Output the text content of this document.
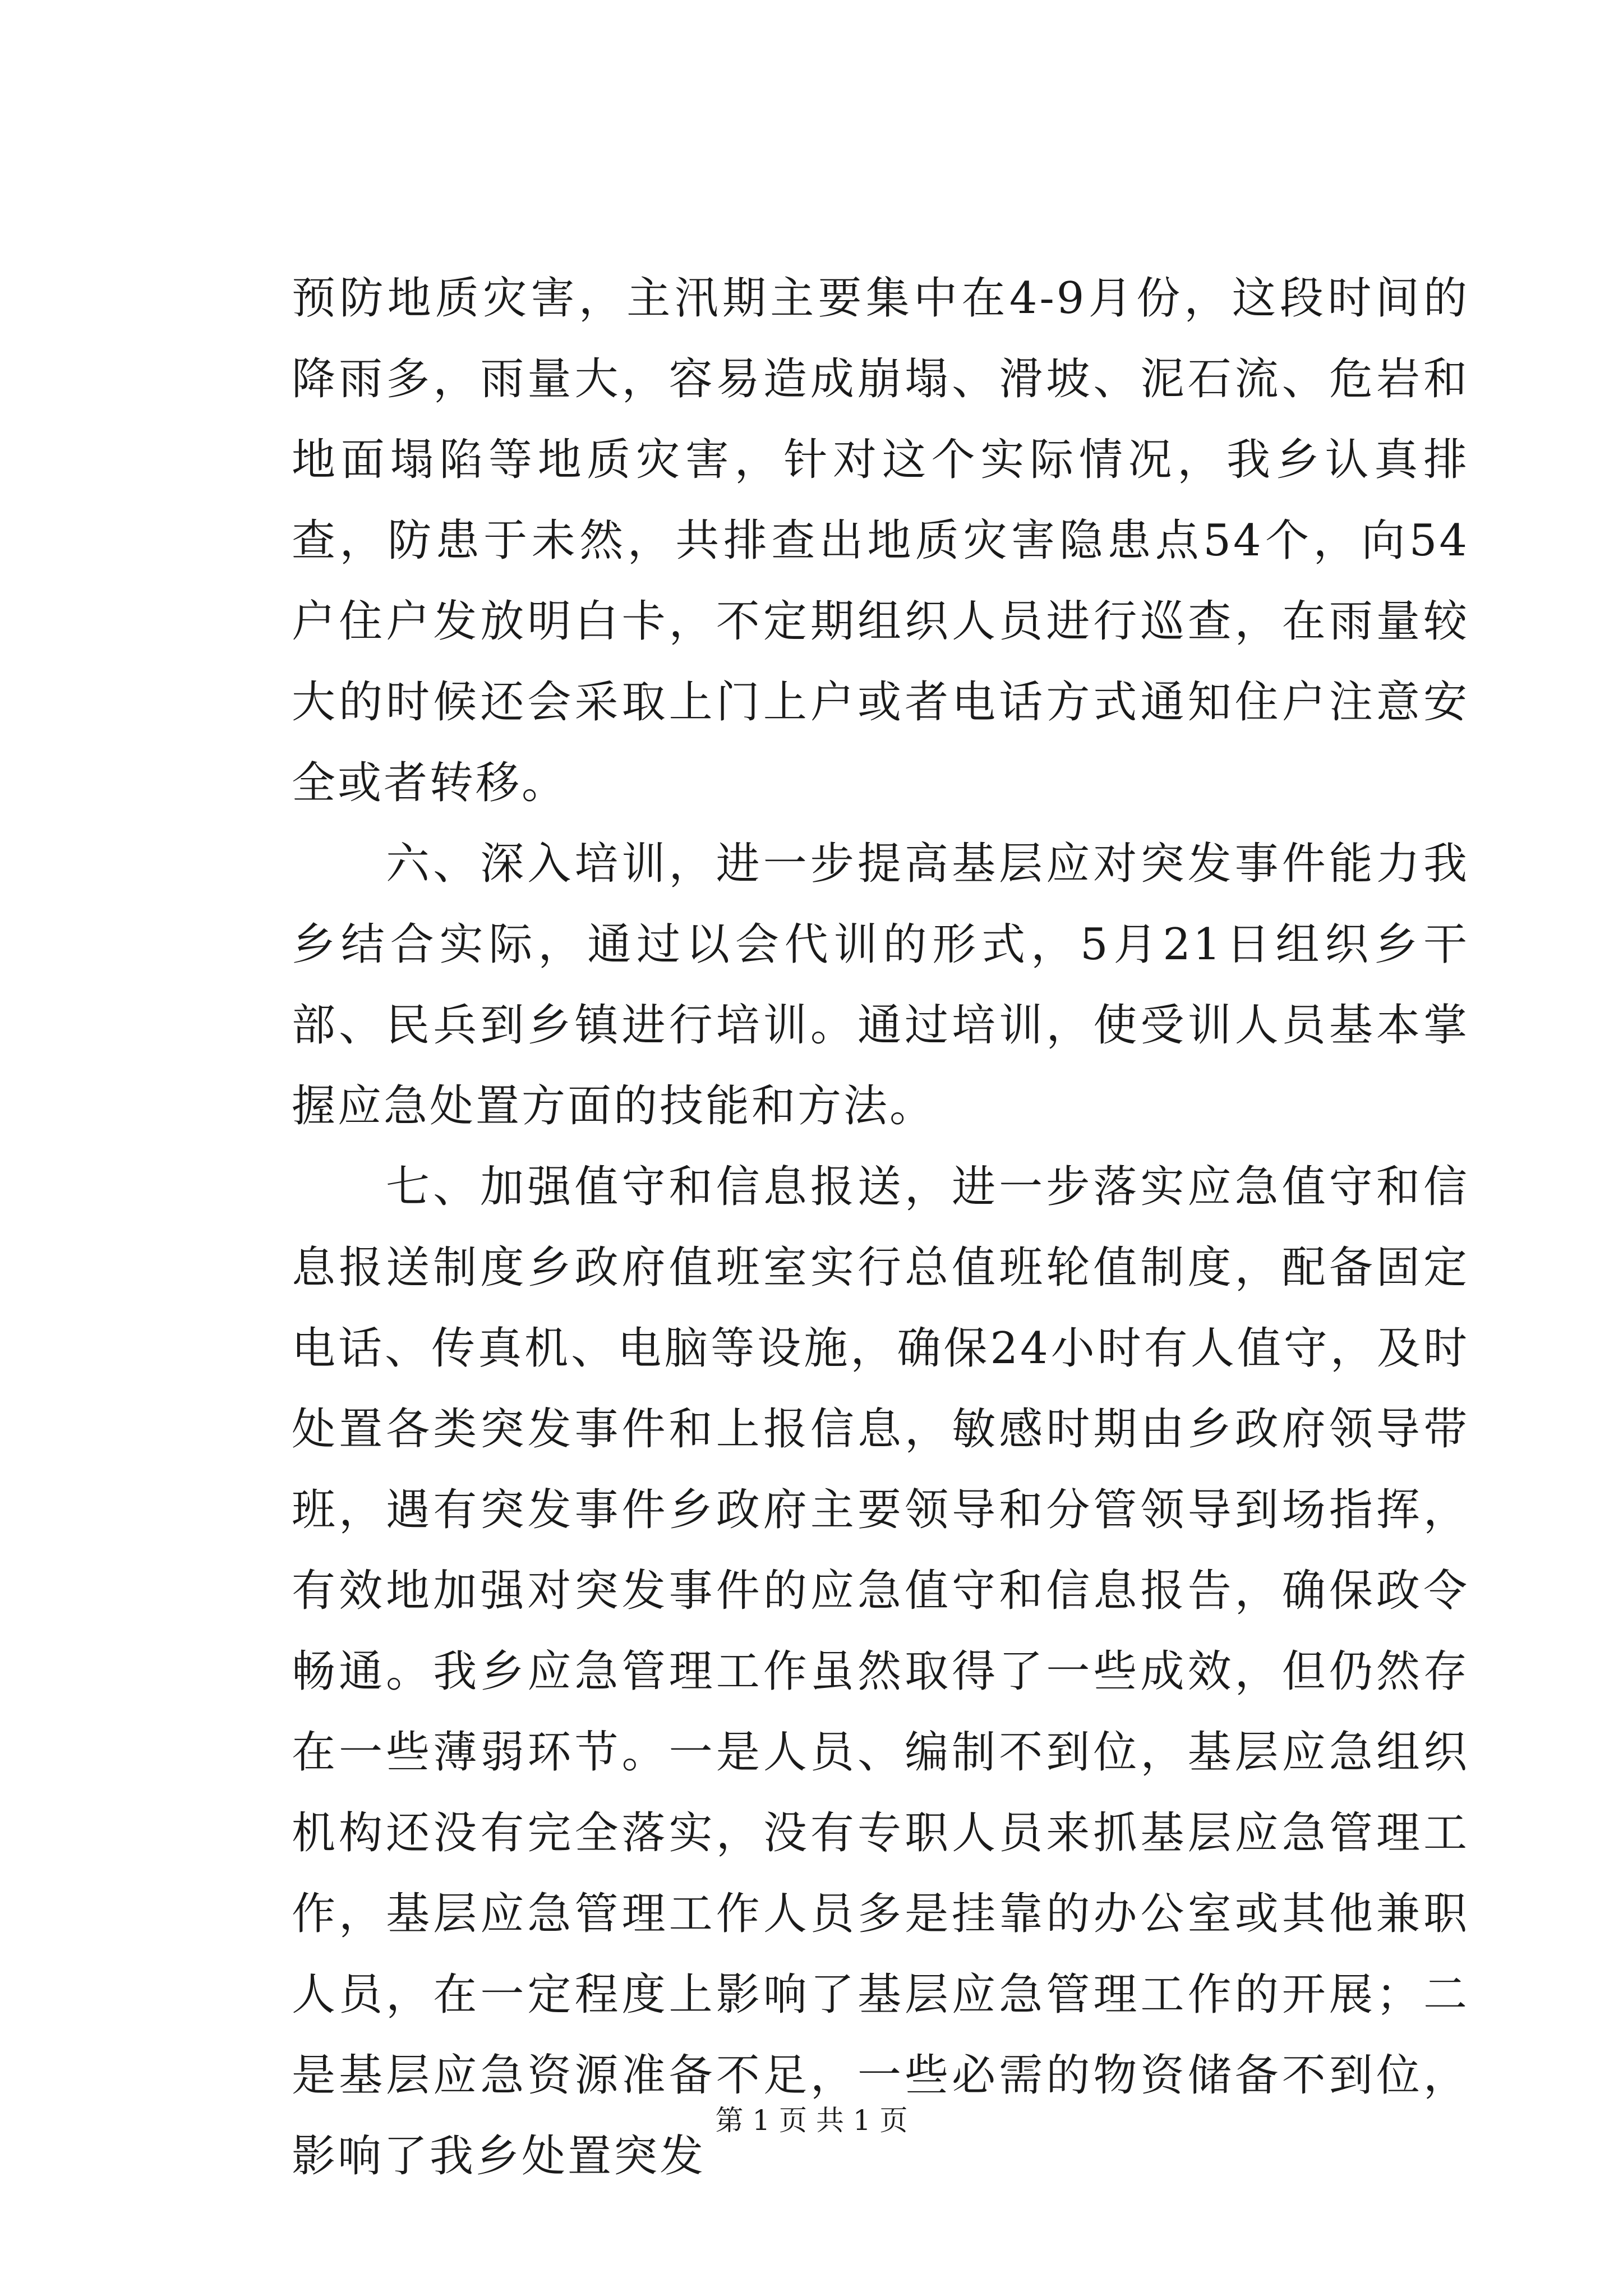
预防地质灾害，主汛期主要集中在4-9月份，这段时间的降雨多，雨量大，容易造成崩塌、滑坡、泥石流、危岩和地面塌陷等地质灾害，针对这个实际情况，我乡认真排查，防患于未然，共排查出地质灾害隐患点54个，向54户住户发放明白卡，不定期组织人员进行巡查，在雨量较大的时候还会采取上门上户或者电话方式通知住户注意安全或者转移。

六、深入培训，进一步提高基层应对突发事件能力我乡结合实际，通过以会代训的形式，5月21日组织乡干部、民兵到乡镇进行培训。通过培训，使受训人员基本掌握应急处置方面的技能和方法。

七、加强值守和信息报送，进一步落实应急值守和信息报送制度乡政府值班室实行总值班轮值制度，配备固定电话、传真机、电脑等设施，确保24小时有人值守，及时处置各类突发事件和上报信息，敏感时期由乡政府领导带班，遇有突发事件乡政府主要领导和分管领导到场指挥，有效地加强对突发事件的应急值守和信息报告，确保政令畅通。我乡应急管理工作虽然取得了一些成效，但仍然存在一些薄弱环节。一是人员、编制不到位，基层应急组织机构还没有完全落实，没有专职人员来抓基层应急管理工作，基层应急管理工作人员多是挂靠的办公室或其他兼职人员，在一定程度上影响了基层应急管理工作的开展；二是基层应急资源准备不足，一些必需的物资储备不到位，影响了我乡处置突发

第 1 页 共 1 页
